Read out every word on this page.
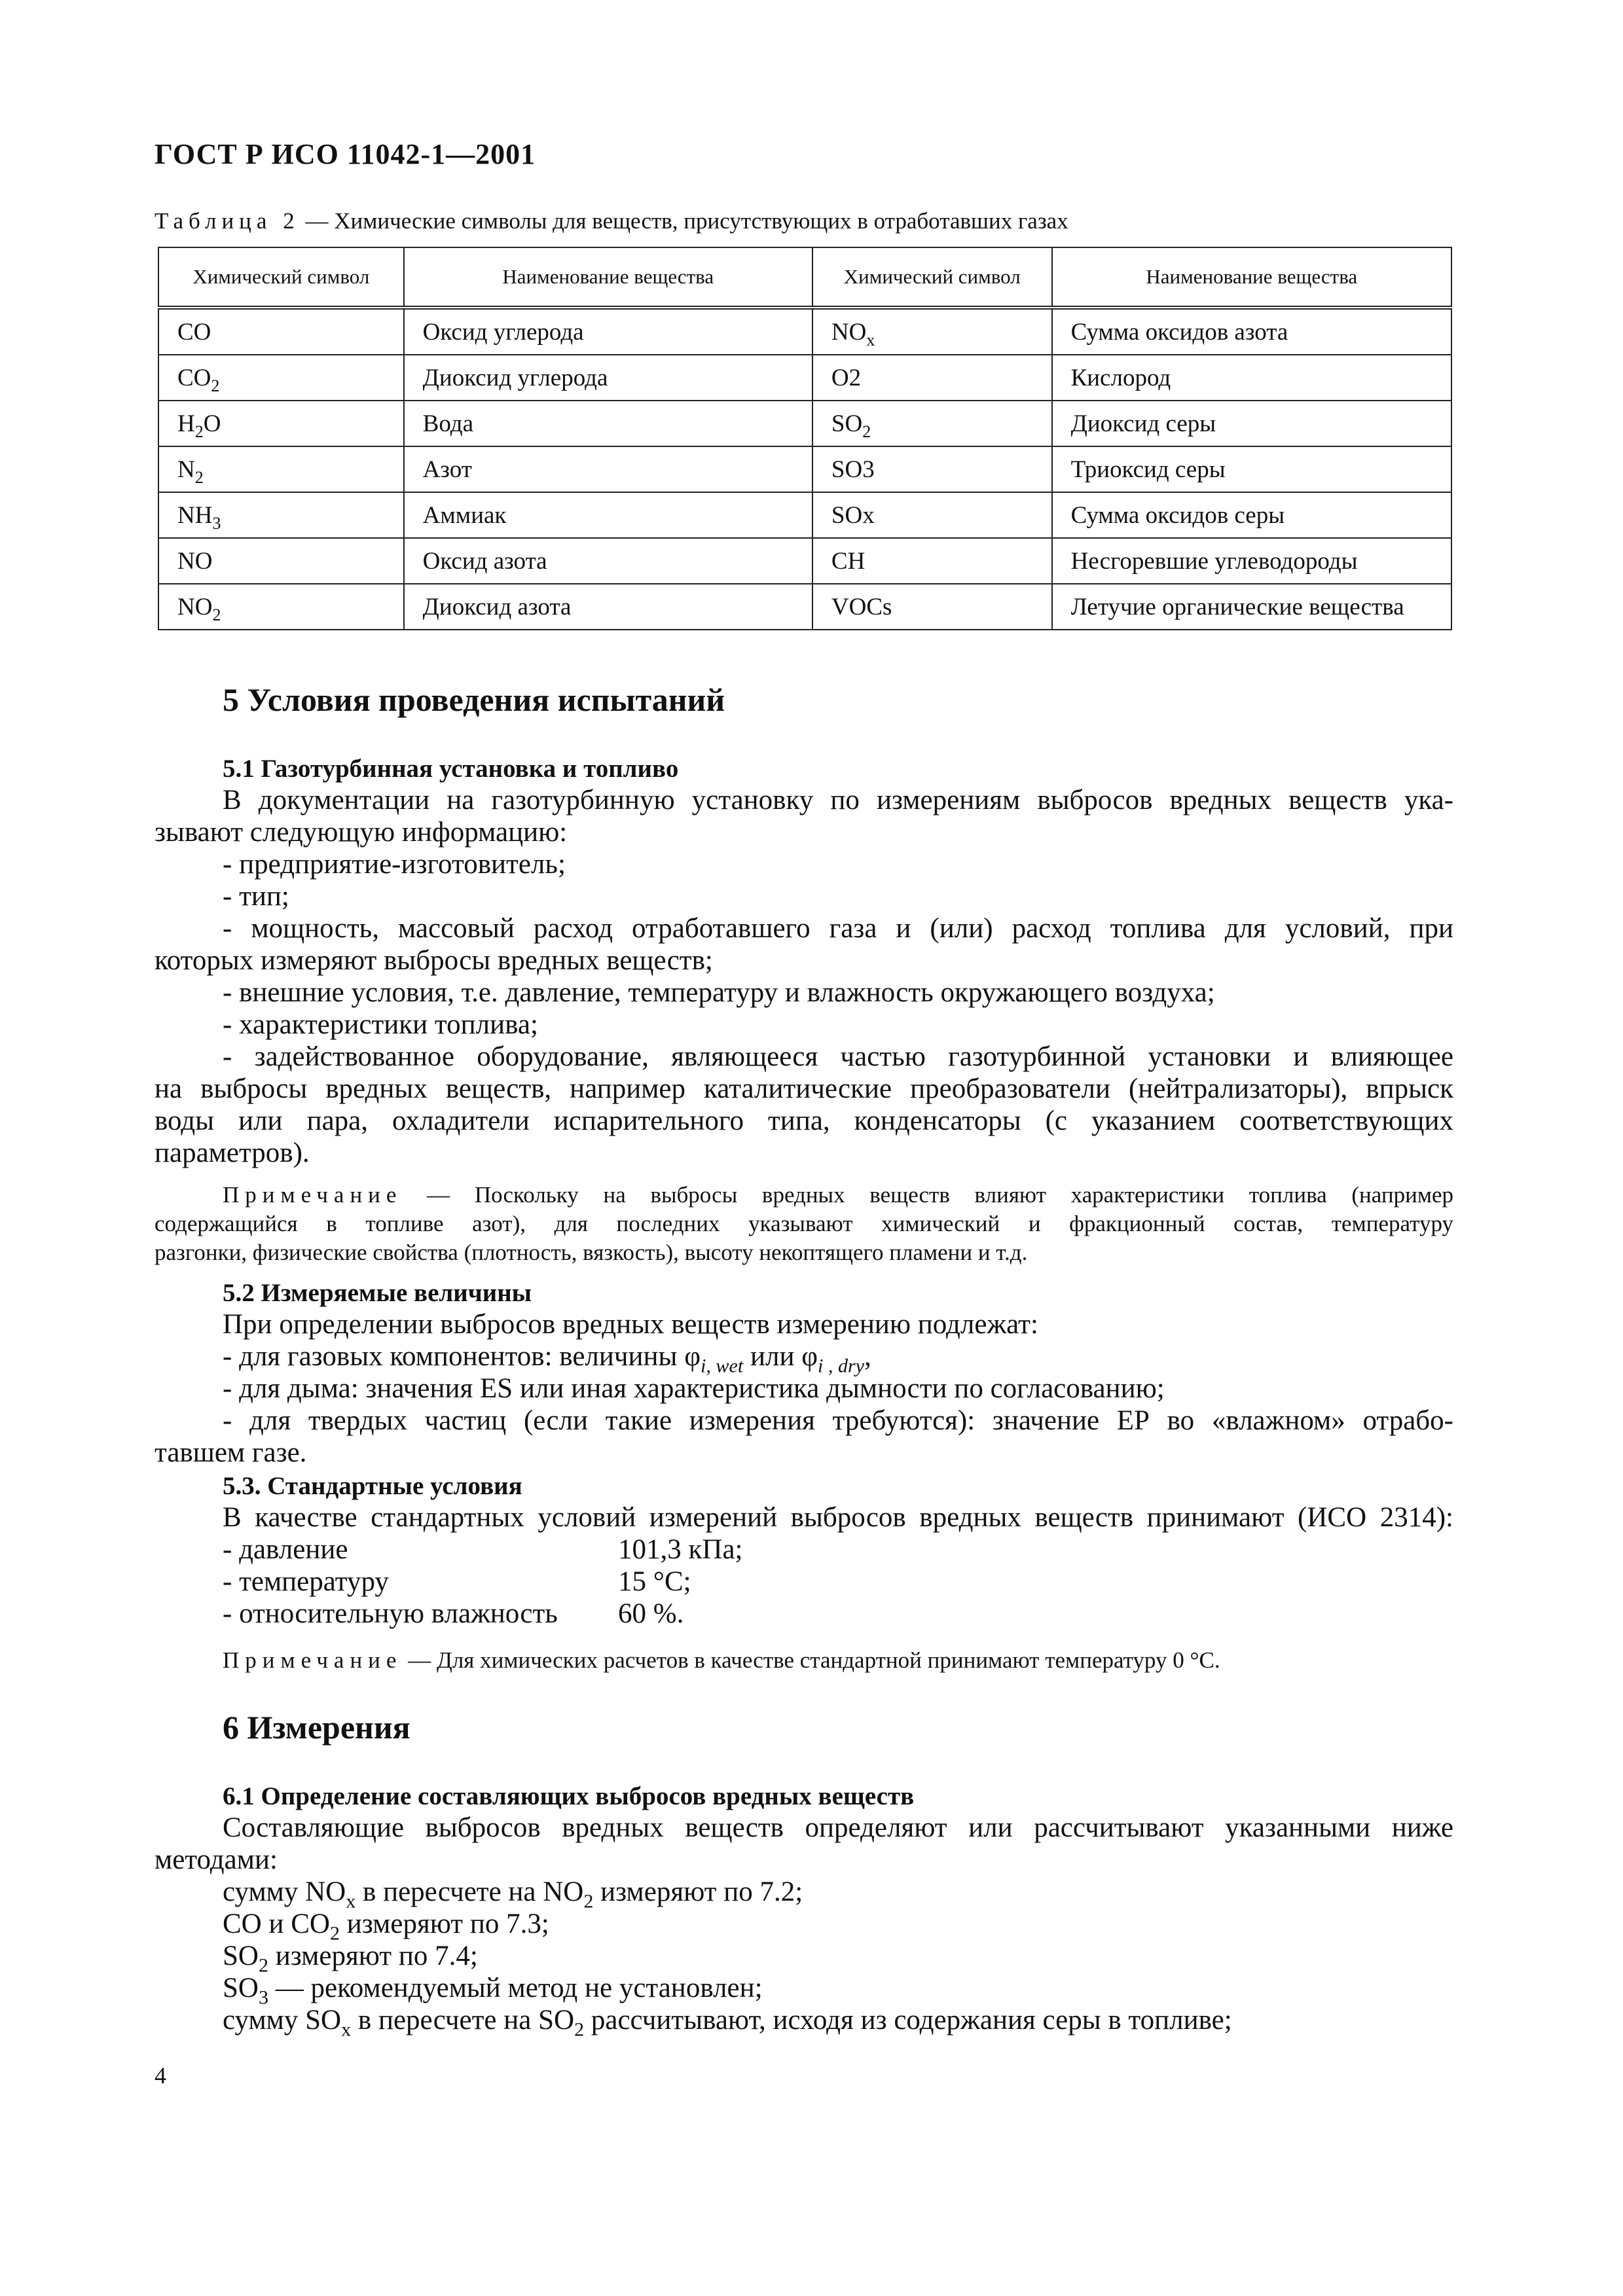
ГОСТ Р ИСО 11042-1—2001
Таблица 2 — Химические символы для веществ, присутствующих в отработавших газах
Химический символ	Наименование вещества	Химический символ	Наименование вещества
CO	Оксид углерода	$NO_x$	Сумма оксидов азота
$CO_2$	Диоксид углерода	O2	Кислород
$H_2O$	Вода	$SO_2$	Диоксид серы
$N_2$	Азот	SO3	Триоксид серы
$NH_3$	Аммиак	SOx	Сумма оксидов серы
NO	Оксид азота	CH	Несгоревшие углеводороды
$NO_2$	Диоксид азота	VOCs	Летучие органические вещества
5 Условия проведения испытаний
5.1 Газотурбинная установка и топливо
В документации на газотурбинную установку по измерениям выбросов вредных веществ ука-
зывают следующую информацию:
- предприятие-изготовитель;
- тип;
- мощность, массовый расход отработавшего газа и (или) расход топлива для условий, при
которых измеряют выбросы вредных веществ;
- внешние условия, т.е. давление, температуру и влажность окружающего воздуха;
- характеристики топлива;
- задействованное оборудование, являющееся частью газотурбинной установки и влияющее
на выбросы вредных веществ, например каталитические преобразователи (нейтрализаторы), впрыск
воды или пара, охладители испарительного типа, конденсаторы (с указанием соответствующих
параметров).
Примечание — Поскольку на выбросы вредных веществ влияют характеристики топлива (например
содержащийся в топливе азот), для последних указывают химический и фракционный состав, температуру
разгонки, физические свойства (плотность, вязкость), высоту некоптящего пламени и т.д.
5.2 Измеряемые величины
При определении выбросов вредных веществ измерению подлежат:
- для газовых компонентов: величины $\varphi_{i, wet}$ или $\varphi_{i , dry}$,
- для дыма: значения ES или иная характеристика дымности по согласованию;
- для твердых частиц (если такие измерения требуются): значение ЕР во «влажном» отрабо-
тавшем газе.
5.3. Стандартные условия
В качестве стандартных условий измерений выбросов вредных веществ принимают (ИСО 2314):
- давление	101,3 кПа;
- температуру	15 °С;
- относительную влажность 60 %.
Примечание — Для химических расчетов в качестве стандартной принимают температуру 0 °С.
6 Измерения
6.1 Определение составляющих выбросов вредных веществ
Составляющие выбросов вредных веществ определяют или рассчитывают указанными ниже
методами:
сумму $NO_x$ в пересчете на $NO_2$ измеряют по 7.2;
CO и $CO_2$ измеряют по 7.3;
$SO_2$ измеряют по 7.4;
$SO_3$ — рекомендуемый метод не установлен;
сумму $SO_x$ в пересчете на $SO_2$ рассчитывают, исходя из содержания серы в топливе;
4
